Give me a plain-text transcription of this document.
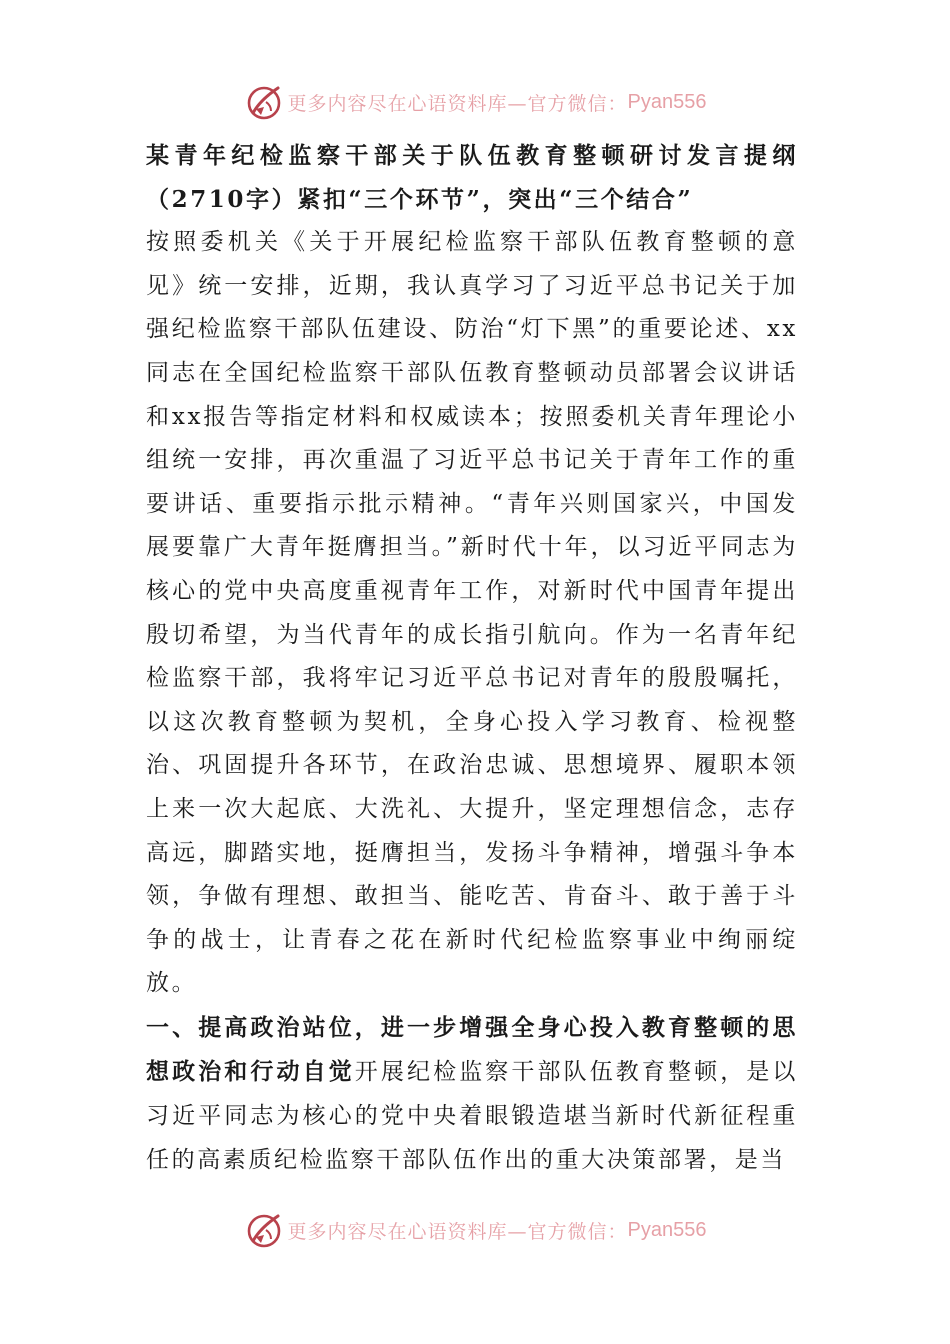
更多内容尽在心语资料库—官方微信： Pyan556

某青年纪检监察干部关于队伍教育整顿研讨发言提纲（2710字）紧扣“三个环节”，突出“三个结合”

按照委机关《关于开展纪检监察干部队伍教育整顿的意见》统一安排，近期，我认真学习了习近平总书记关于加强纪检监察干部队伍建设、防治“灯下黑”的重要论述、xx同志在全国纪检监察干部队伍教育整顿动员部署会议讲话和xx报告等指定材料和权威读本；按照委机关青年理论小组统一安排，再次重温了习近平总书记关于青年工作的重要讲话、重要指示批示精神。“青年兴则国家兴，中国发展要靠广大青年挺膺担当。”新时代十年，以习近平同志为核心的党中央高度重视青年工作，对新时代中国青年提出殷切希望，为当代青年的成长指引航向。作为一名青年纪检监察干部，我将牢记习近平总书记对青年的殷殷嘱托，以这次教育整顿为契机，全身心投入学习教育、检视整治、巩固提升各环节，在政治忠诚、思想境界、履职本领上来一次大起底、大洗礼、大提升，坚定理想信念，志存高远，脚踏实地，挺膺担当，发扬斗争精神，增强斗争本领，争做有理想、敢担当、能吃苦、肯奋斗、敢于善于斗争的战士，让青春之花在新时代纪检监察事业中绚丽绽放。

一、提高政治站位，进一步增强全身心投入教育整顿的思想政治和行动自觉开展纪检监察干部队伍教育整顿，是以习近平同志为核心的党中央着眼锻造堪当新时代新征程重任的高素质纪检监察干部队伍作出的重大决策部署，是当

更多内容尽在心语资料库—官方微信： Pyan556
